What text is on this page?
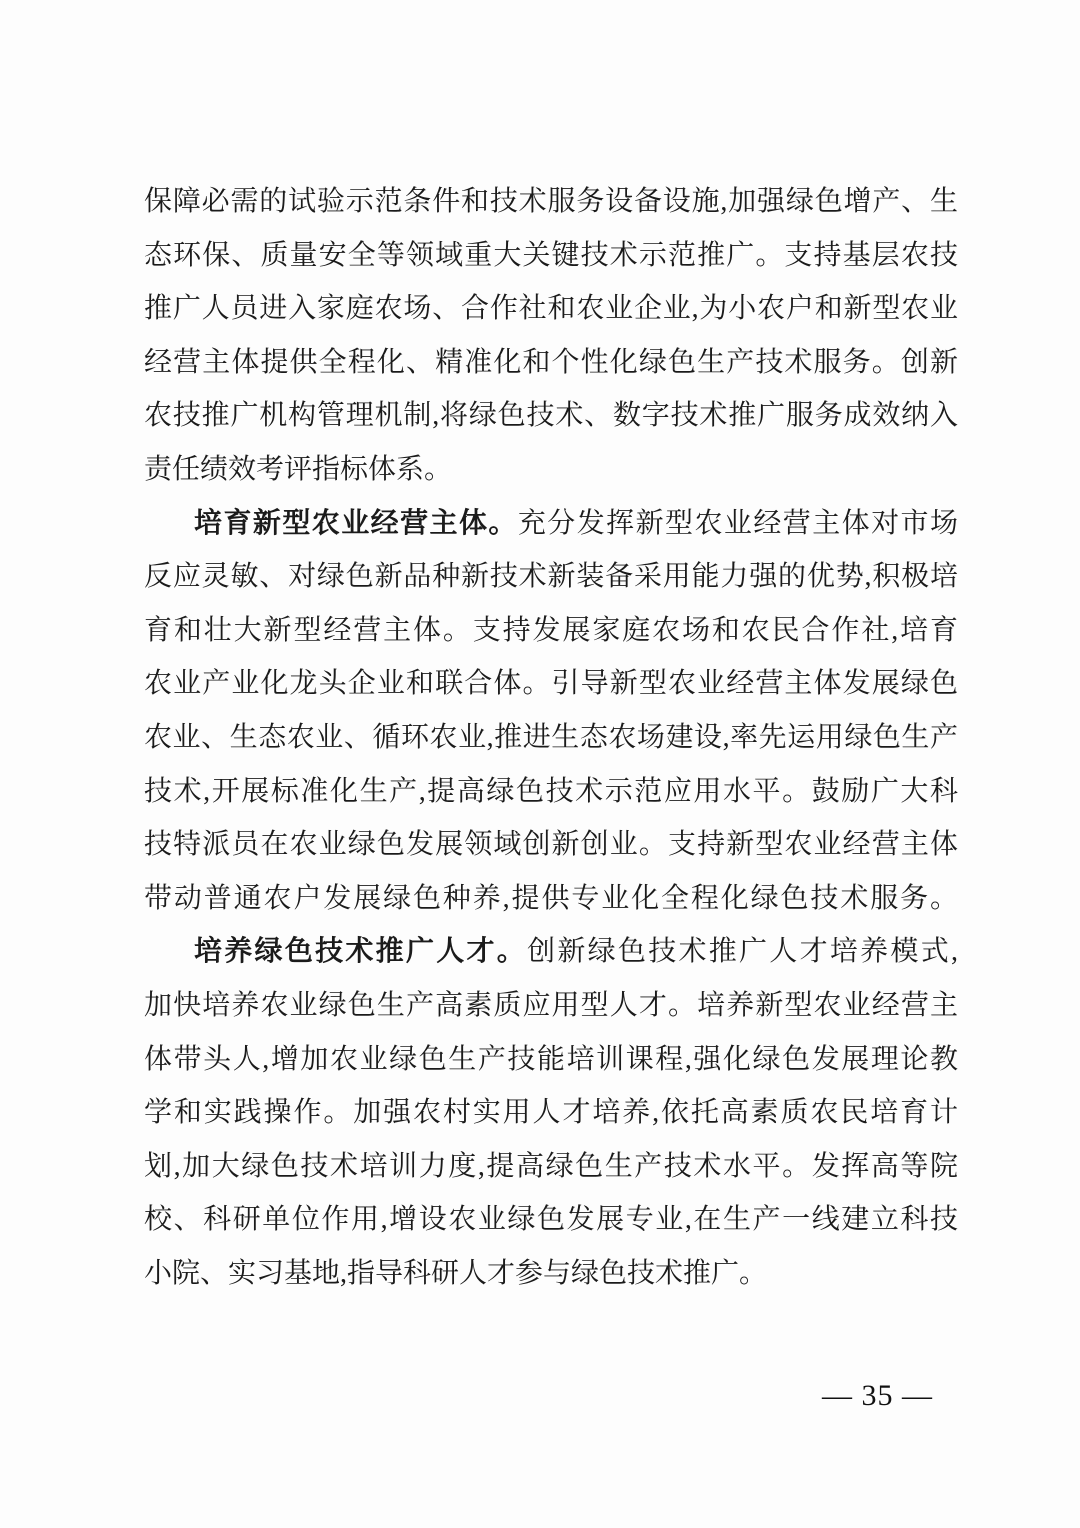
保障必需的试验示范条件和技术服务设备设施,加强绿色增产、生
态环保、质量安全等领域重大关键技术示范推广。支持基层农技
推广人员进入家庭农场、合作社和农业企业,为小农户和新型农业
经营主体提供全程化、精准化和个性化绿色生产技术服务。创新
农技推广机构管理机制,将绿色技术、数字技术推广服务成效纳入
责任绩效考评指标体系。
培育新型农业经营主体。充分发挥新型农业经营主体对市场
反应灵敏、对绿色新品种新技术新装备采用能力强的优势,积极培
育和壮大新型经营主体。支持发展家庭农场和农民合作社,培育
农业产业化龙头企业和联合体。引导新型农业经营主体发展绿色
农业、生态农业、循环农业,推进生态农场建设,率先运用绿色生产
技术,开展标准化生产,提高绿色技术示范应用水平。鼓励广大科
技特派员在农业绿色发展领域创新创业。支持新型农业经营主体
带动普通农户发展绿色种养,提供专业化全程化绿色技术服务。
培养绿色技术推广人才。创新绿色技术推广人才培养模式,
加快培养农业绿色生产高素质应用型人才。培养新型农业经营主
体带头人,增加农业绿色生产技能培训课程,强化绿色发展理论教
学和实践操作。加强农村实用人才培养,依托高素质农民培育计
划,加大绿色技术培训力度,提高绿色生产技术水平。发挥高等院
校、科研单位作用,增设农业绿色发展专业,在生产一线建立科技
小院、实习基地,指导科研人才参与绿色技术推广。
— 35 —
